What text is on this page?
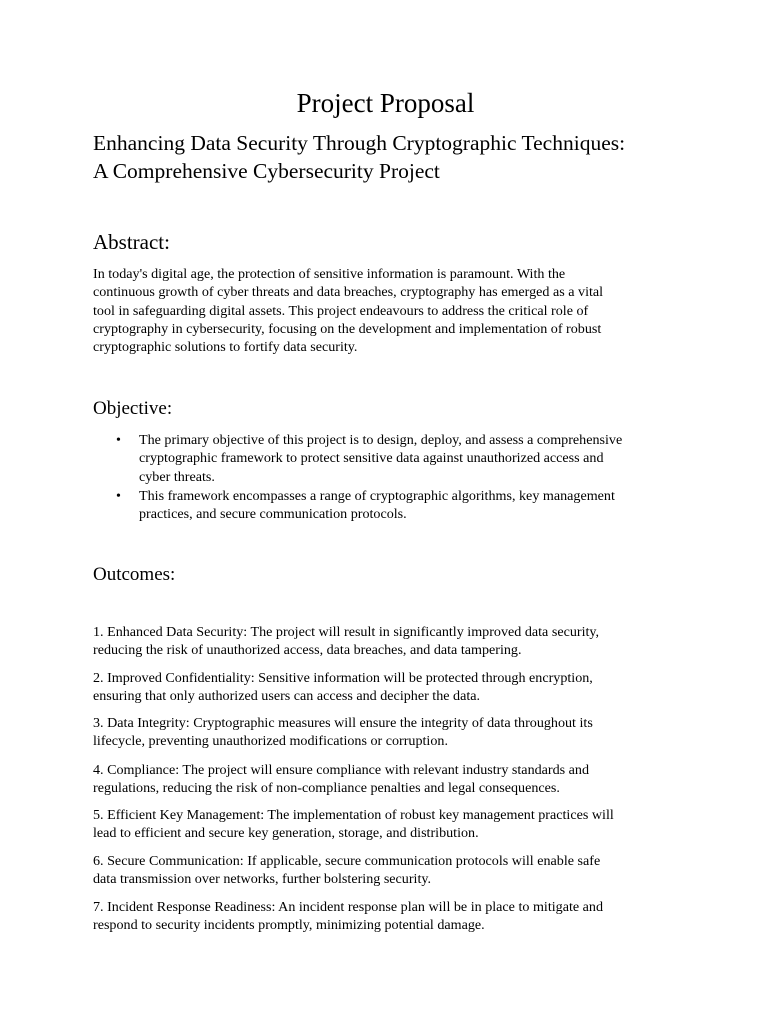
Project Proposal
Enhancing Data Security Through Cryptographic Techniques:
A Comprehensive Cybersecurity Project
Abstract:

In today's digital age, the protection of sensitive information is paramount. With the
continuous growth of cyber threats and data breaches, cryptography has emerged as a vital
tool in safeguarding digital assets. This project endeavours to address the critical role of
cryptography in cybersecurity, focusing on the development and implementation of robust
cryptographic solutions to fortify data security.

Objective:
• The primary objective of this project is to design, deploy, and assess a comprehensive
cryptographic framework to protect sensitive data against unauthorized access and
cyber threats.
• This framework encompasses a range of cryptographic algorithms, key management
practices, and secure communication protocols.
Outcomes:

1. Enhanced Data Security: The project will result in significantly improved data security,
reducing the risk of unauthorized access, data breaches, and data tampering.

2. Improved Confidentiality: Sensitive information will be protected through encryption,
ensuring that only authorized users can access and decipher the data.

3. Data Integrity: Cryptographic measures will ensure the integrity of data throughout its
lifecycle, preventing unauthorized modifications or corruption.

4. Compliance: The project will ensure compliance with relevant industry standards and
regulations, reducing the risk of non-compliance penalties and legal consequences.

5. Efficient Key Management: The implementation of robust key management practices will
lead to efficient and secure key generation, storage, and distribution.

6. Secure Communication: If applicable, secure communication protocols will enable safe
data transmission over networks, further bolstering security.

7. Incident Response Readiness: An incident response plan will be in place to mitigate and
respond to security incidents promptly, minimizing potential damage.
